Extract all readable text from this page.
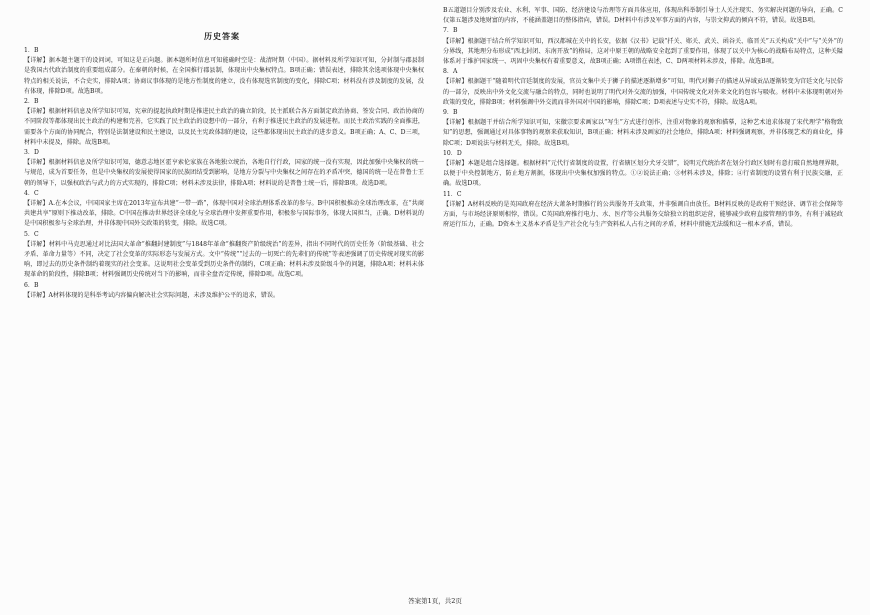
历史答案
1．B
【详解】据本题主题干的设问词，可知这是正向题。据本题所时信息可知能确时空是：战清时期（中国）。据材料及所学知识可知，分封制与郡县制是我国古代政治制度的重要组成部分。在秦朝的时候，在全国推行郡县制，体现出中央集权特点。B项正确；错误表述，排除其余选项体现中央集权特点的相关说法，不合史实，排除A项；协商议事体现的是地方性制度的建立，没有体现选官制度的变化，排除C项；材料没有涉及制度的发展，没有体现，排除D项。故选B项。
2．B
【详解】根据材料信息及所学知识可知，宪章的提起执政时期是推进民主政治的确立阶段，民主派联合各方面制定政治协商、签发合同、政治协商的不同阶段等都体现出民主政治的构建和完善，它实践了民主政治的设想中的一部分，有利于推进民主政治的发展进程。而民主政治实践的全面推进，需要各个方面的协同配合，特别是法制建设和民主建设，以及民主宪政体制的建设，这些都体现出民主政治的进步意义。B项正确；A、C、D三项，材料中未提及，排除。故选B项。
3．D
【详解】根据材料信息及所学知识可知，德意志地区霍亨索伦家族在各地独立统治，各地自行行政，国家的统一没有实现，因此加强中央集权的统一与规范，成为首要任务，但是中央集权的发展使得国家的民族团结受到影响，是地方分裂与中央集权之间存在的矛盾冲突，德国的统一是在普鲁士王朝的领导下，以强权政治与武力的方式实现的，排除C项；材料未涉及法律，排除A项；材料说的是普鲁士统一后，排除B项。故选D项。
4．C
【详解】A.在本会议，中国国家主席在2013年宣布共建“一带一路”，体现中国对全球治理体系改革的参与。B中国积极推动全球治理改革，在“共商共建共享”原则下推动改革，排除。C中国在推动世界经济全球化与全球治理中发挥重要作用，积极参与国际事务，体现大国担当，正确。D材料说的是中国积极参与全球治理，并非体现中国外交政策的转变，排除。故选C项。
5．C
【详解】材料中马克思通过对比法国大革命“推翻封建制度”与1848年革命“推翻资产阶级统治”的差异，指出不同时代的历史任务（阶级基础、社会矛盾、革命力量等）不同，决定了社会变革的实际形态与发展方式。文中“传统”“过去的一切死亡的先辈们的传统”等表述强调了历史传统对现实的影响，即过去的历史条件制约着现实的社会变革。这说明社会变革受到历史条件的制约，C项正确；材料未涉及阶级斗争的问题，排除A项；材料未体现革命的阶段性，排除B项；材料强调历史传统对当下的影响，而非全盘否定传统，排除D项。故选C项。
6．B
【详解】A材料体现的是科举考试内容偏向解决社会实际问题，未涉及维护公平的追求，错误。
B五道题目分别涉及农业、水利、军事、国防、经济建设与治理等方面具体应用，体现出科举制引导士人关注现实、务实解决问题的导向，正确。C仅第五题涉及地财富的内容，不能涵盖题目的整体指向，错误。D材料中有涉及军事方面的内容，与崇文抑武的倾向不符，错误。故选B项。
7．B
【详解】根据题干结合所学知识可知，西汉都城在关中的长安，依据《汉书》记载“扦关、郧关、武关、函谷关、临晋关”五关构成“关中”与“关外”的分界线，其地理分布形成“西北封闭、东南开放”的格局，这对中原王朝的战略安全起到了重要作用，体现了以关中为核心的战略布局特点，这种关隘体系对于维护国家统一、巩固中央集权有着重要意义，故B项正确；A项错在表述，C、D两项材料未涉及，排除。故选B项。
8．A
【详解】根据题干“随着明代宫廷制度的发展，官员文集中关于狮子的描述逐渐增多”可知，明代对狮子的描述从异域贡品逐渐转变为宫廷文化与民俗的一部分，反映出中外文化交流与融合的特点，同时也说明了明代对外交流的加强，中国传统文化对外来文化的包容与吸收。材料中未体现明朝对外政策的变化，排除B项；材料强调中外交流而非外国对中国的影响，排除C项；D项表述与史实不符，排除。故选A项。
9．B
【详解】根据题干并结合所学知识可知，宋徽宗要求画家以“写生”方式进行创作，注重对物象的观察和描摹，这种艺术追求体现了宋代理学“格物致知”的思想，强调通过对具体事物的观察来获取知识，B项正确；材料未涉及画家的社会地位，排除A项；材料强调观察，并非体现艺术的商业化，排除C项；D项说法与材料无关，排除。故选B项。
10．D
【详解】本题是组合选择题。根据材料“元代行省制度的设置，行省辖区划分犬牙交错”，说明元代统治者在划分行政区划时有意打破自然地理界限，以便于中央控制地方，防止地方割据，体现出中央集权加强的特点。①②说法正确；③材料未涉及，排除；④行省制度的设置有利于民族交融，正确。故选D项。
11．C
【详解】A材料反映的是英国政府在经济大萧条时期推行的公共服务开支政策，并非强调自由放任。B材料反映的是政府干预经济、调节社会保障等方面，与市场经济原则相悖，错误。C英国政府推行电力、水、医疗等公共服务交给独立的组织运营，能够减少政府直接管理的事务，有利于减轻政府运行压力，正确。D资本主义基本矛盾是生产社会化与生产资料私人占有之间的矛盾，材料中措施无法缓和这一根本矛盾，错误。
答案第1页，共2页
